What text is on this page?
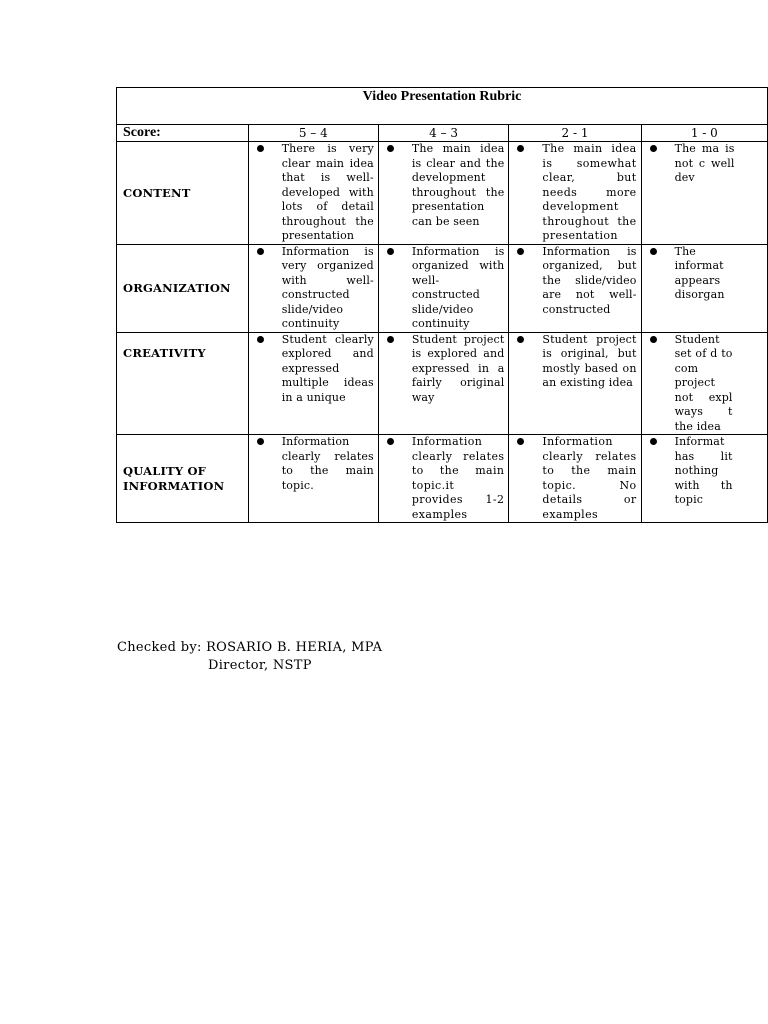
Video Presentation Rubric				
Score:	5 – 4	4 – 3	2 - 1	1 - 0
CONTENT	There is very clear main idea that is well-developed with lots of detail throughout the presentation	The main idea is clear and the development throughout the presentation can be seen	The main idea is somewhat clear, but needs more development throughout the presentation	The ma is not c well dev

ORGANIZATION	Information is very organized with well-constructed slide/video continuity	Information is organized with well-constructed slide/video continuity	Information is organized, but the slide/video are not well-constructed	The informat appears disorgan

CREATIVITY	Student clearly explored and expressed multiple ideas in a unique	Student project is explored and expressed in a fairly original way	Student project is original, but mostly based on an existing idea	Student set of d to com project not expl ways t the idea

QUALITY OF INFORMATION	Information clearly relates to the main topic.	Information clearly relates to the main topic.it provides 1-2 examples	Information clearly relates to the main topic. No details or examples	Informat has lit nothing with th topic
Checked by: ROSARIO B. HERIA, MPA
Director, NSTP
